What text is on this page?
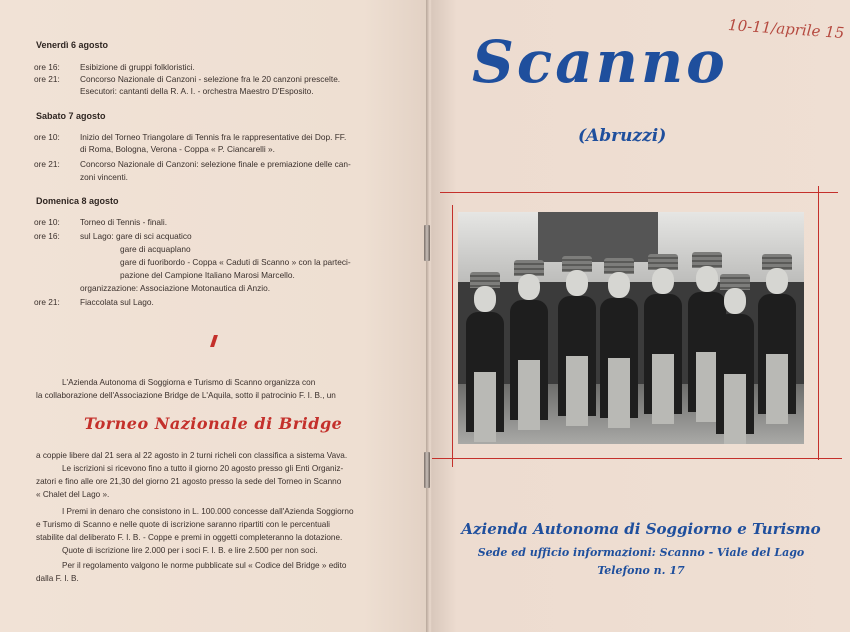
Venerdì 6 agosto
ore 16: Esibizione di gruppi folkloristici.
ore 21: Concorso Nazionale di Canzoni - selezione fra le 20 canzoni prescelte.
Esecutori: cantanti della R. A. I. - orchestra Maestro D'Esposito.
Sabato 7 agosto
ore 10: Inizio del Torneo Triangolare di Tennis fra le rappresentative dei Dop. FF.
di Roma, Bologna, Verona - Coppa « P. Ciancarelli ».
ore 21: Concorso Nazionale di Canzoni: selezione finale e premiazione delle can-
zoni vincenti.
Domenica 8 agosto
ore 10: Torneo di Tennis - finali.
ore 16: sul Lago: gare di sci acquatico
gare di acquaplano
gare di fuoribordo - Coppa « Caduti di Scanno » con la parteci-
pazione del Campione Italiano Marosi Marcello.
organizzazione: Associazione Motonautica di Anzio.
ore 21: Fiaccolata sul Lago.
L'Azienda Autonoma di Soggiorna e Turismo di Scanno organizza con
la collaborazione dell'Associazione Bridge de L'Aquila, sotto il patrocinio F. I. B., un
Torneo Nazionale di Bridge
a coppie libere dal 21 sera al 22 agosto in 2 turni richeli con classifica a sistema Vava.
Le iscrizioni si ricevono fino a tutto il giorno 20 agosto presso gli Enti Organiz-
zatori e fino alle ore 21,30 del giorno 21 agosto presso la sede del Torneo in Scanno
« Chalet del Lago ».
I Premi in denaro che consistono in L. 100.000 concesse dall'Azienda Soggiorno
e Turismo di Scanno e nelle quote di iscrizione saranno ripartiti con le percentuali
stabilite dal deliberato F. I. B. - Coppe e premi in oggetti completeranno la dotazione.
Quote di iscrizione lire 2.000 per i soci F. I. B. e lire 2.500 per non soci.
Per il regolamento valgono le norme pubblicate sul « Codice del Bridge » edito
dalla F. I. B.
10-11/aprile 15
Scanno
(Abruzzi)
Azienda Autonoma di Soggiorno e Turismo
Sede ed ufficio informazioni: Scanno - Viale del Lago
Telefono n. 17
